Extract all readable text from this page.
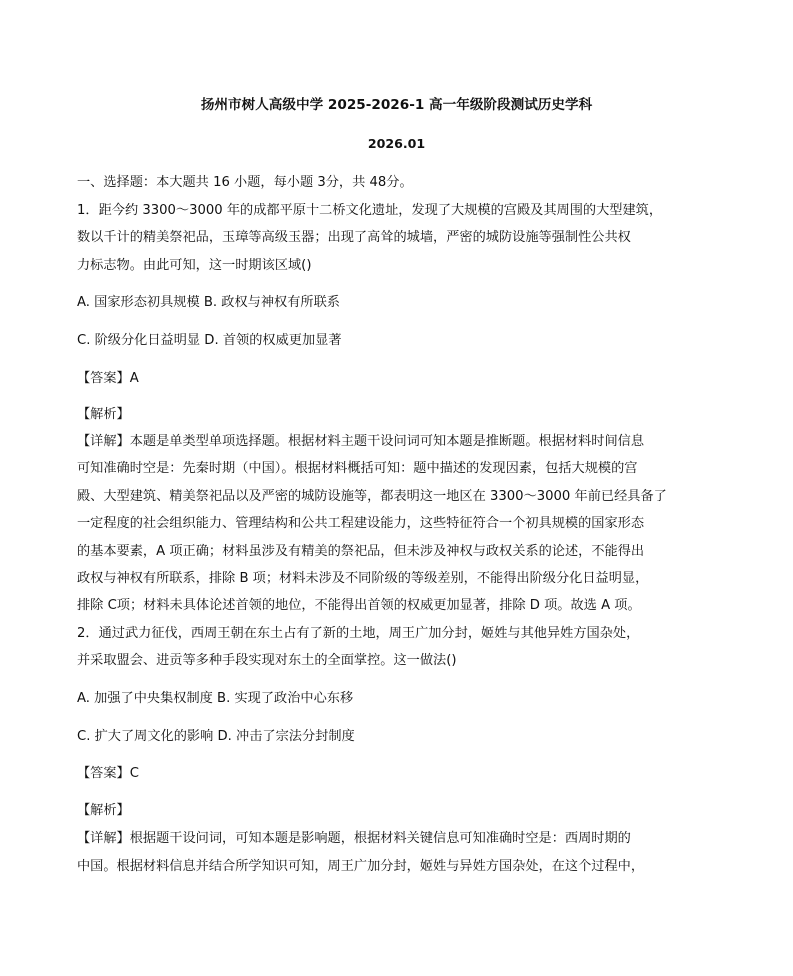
扬州市树人高级中学 2025-2026-1 高一年级阶段测试历史学科

2026.01

一、选择题：本大题共 16 小题，每小题 3分，共 48分。

1．距今约 3300～3000 年的成都平原十二桥文化遗址，发现了大规模的宫殿及其周围的大型建筑，

数以千计的精美祭祀品，玉璋等高级玉器；出现了高耸的城墙，严密的城防设施等强制性公共权

力标志物。由此可知，这一时期该区域()

A. 国家形态初具规模 B. 政权与神权有所联系

C. 阶级分化日益明显 D. 首领的权威更加显著

【答案】A

【解析】

【详解】本题是单类型单项选择题。根据材料主题干设问词可知本题是推断题。根据材料时间信息

可知准确时空是：先秦时期（中国）。根据材料概括可知：题中描述的发现因素，包括大规模的宫

殿、大型建筑、精美祭祀品以及严密的城防设施等，都表明这一地区在 3300～3000 年前已经具备了

一定程度的社会组织能力、管理结构和公共工程建设能力，这些特征符合一个初具规模的国家形态

的基本要素，A 项正确；材料虽涉及有精美的祭祀品，但未涉及神权与政权关系的论述，不能得出

政权与神权有所联系，排除 B 项；材料未涉及不同阶级的等级差别，不能得出阶级分化日益明显，

排除 C项；材料未具体论述首领的地位，不能得出首领的权威更加显著，排除 D 项。故选 A 项。

2．通过武力征伐，西周王朝在东土占有了新的土地，周王广加分封，姬姓与其他异姓方国杂处，

并采取盟会、进贡等多种手段实现对东土的全面掌控。这一做法()

A. 加强了中央集权制度 B. 实现了政治中心东移

C. 扩大了周文化的影响 D. 冲击了宗法分封制度

【答案】C

【解析】

【详解】根据题干设问词，可知本题是影响题，根据材料关键信息可知准确时空是：西周时期的

中国。根据材料信息并结合所学知识可知，周王广加分封，姬姓与异姓方国杂处，在这个过程中，
